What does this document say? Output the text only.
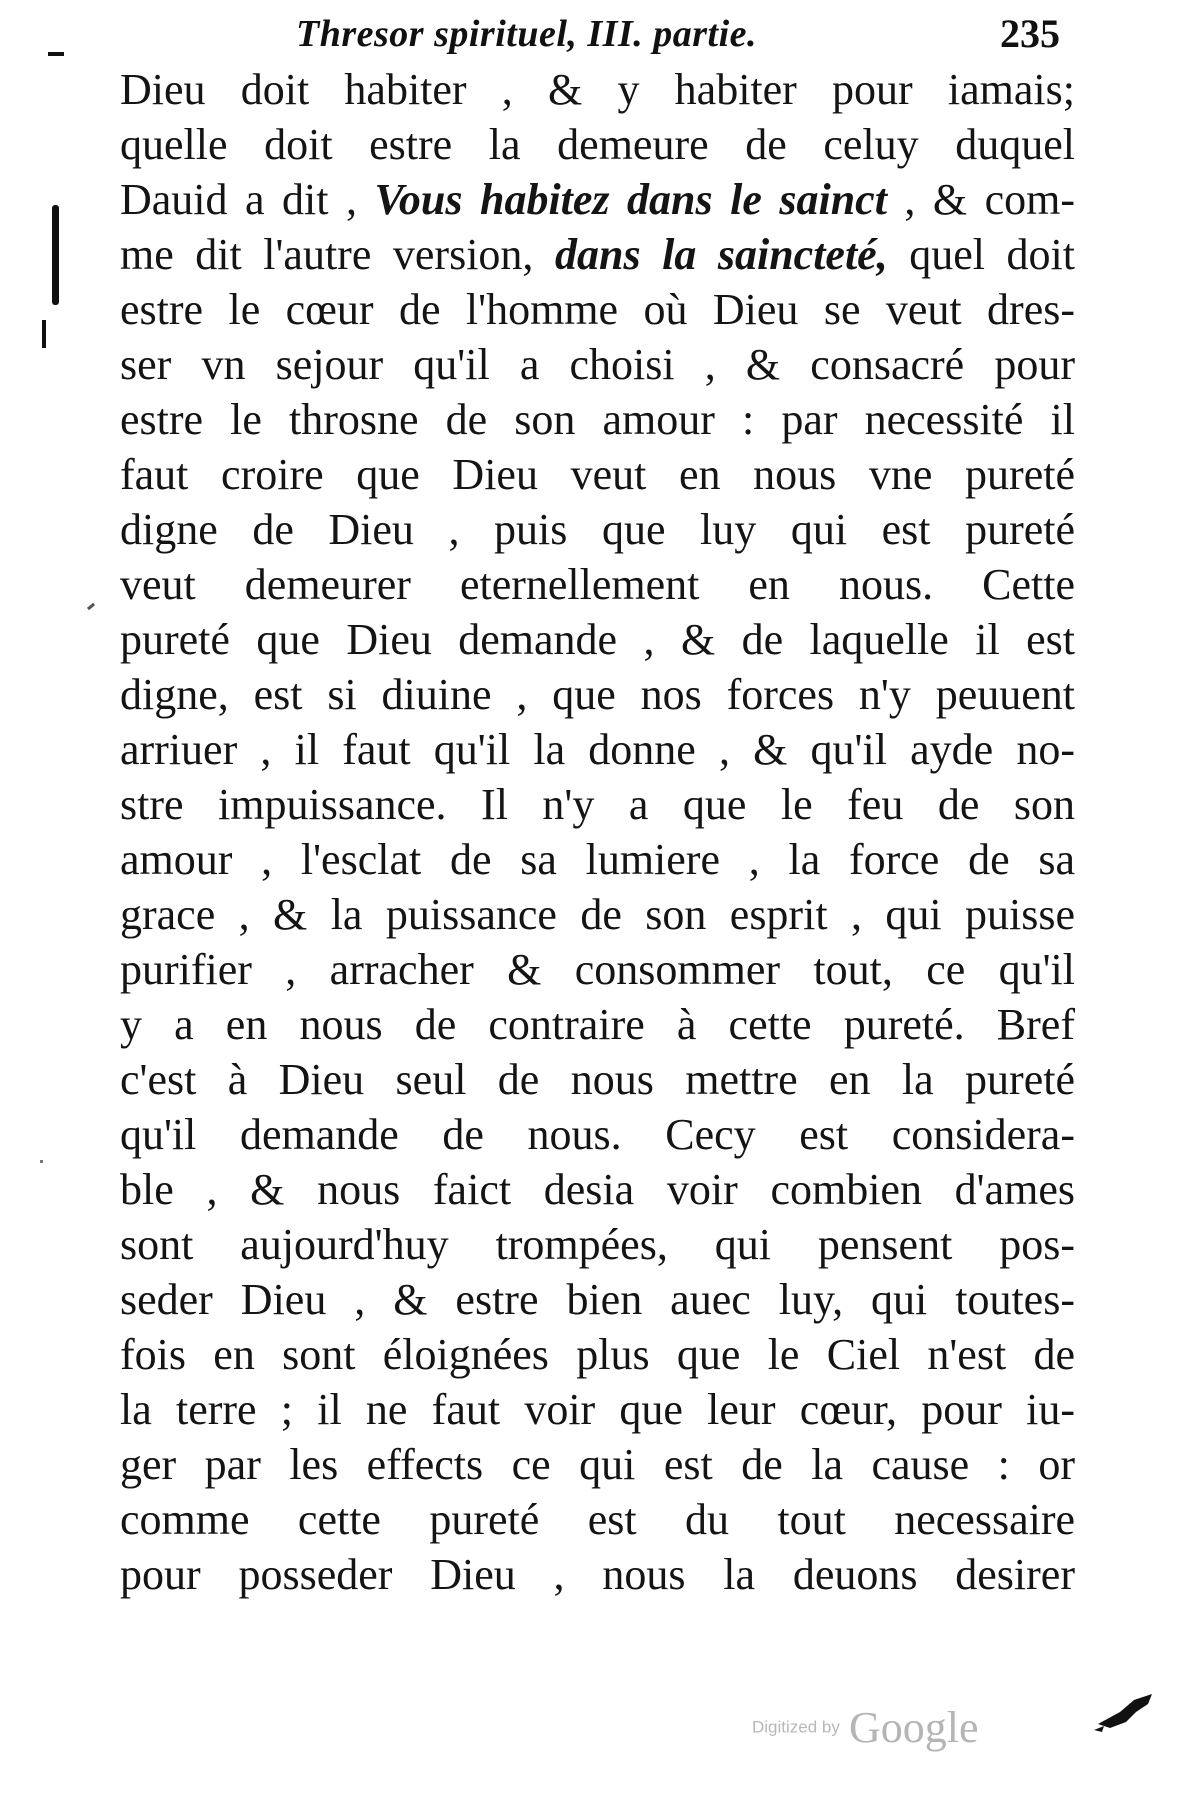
Thresor spirituel, III. partie.	235
Dieu doit habiter , & y habiter pour iamais;
quelle doit estre la demeure de celuy duquel
Dauid a dit , Vous habitez dans le sainct , & com-
me dit l'autre version, dans la saincteté, quel doit
estre le cœur de l'homme où Dieu se veut dres-
ser vn sejour qu'il a choisi , & consacré pour
estre le throsne de son amour : par necessité il
faut croire que Dieu veut en nous vne pureté
digne de Dieu , puis que luy qui est pureté
veut demeurer eternellement en nous. Cette
pureté que Dieu demande , & de laquelle il est
digne, est si diuine , que nos forces n'y peuuent
arriuer , il faut qu'il la donne , & qu'il ayde no-
stre impuissance. Il n'y a que le feu de son
amour , l'esclat de sa lumiere , la force de sa
grace , & la puissance de son esprit , qui puisse
purifier , arracher & consommer tout, ce qu'il
y a en nous de contraire à cette pureté. Bref
c'est à Dieu seul de nous mettre en la pureté
qu'il demande de nous. Cecy est considera-
ble , & nous faict desia voir combien d'ames
sont aujourd'huy trompées, qui pensent pos-
seder Dieu , & estre bien auec luy, qui toutes-
fois en sont éloignées plus que le Ciel n'est de
la terre ; il ne faut voir que leur cœur, pour iu-
ger par les effects ce qui est de la cause : or
comme cette pureté est du tout necessaire
pour posseder Dieu , nous la deuons desirer
Digitized by Google
